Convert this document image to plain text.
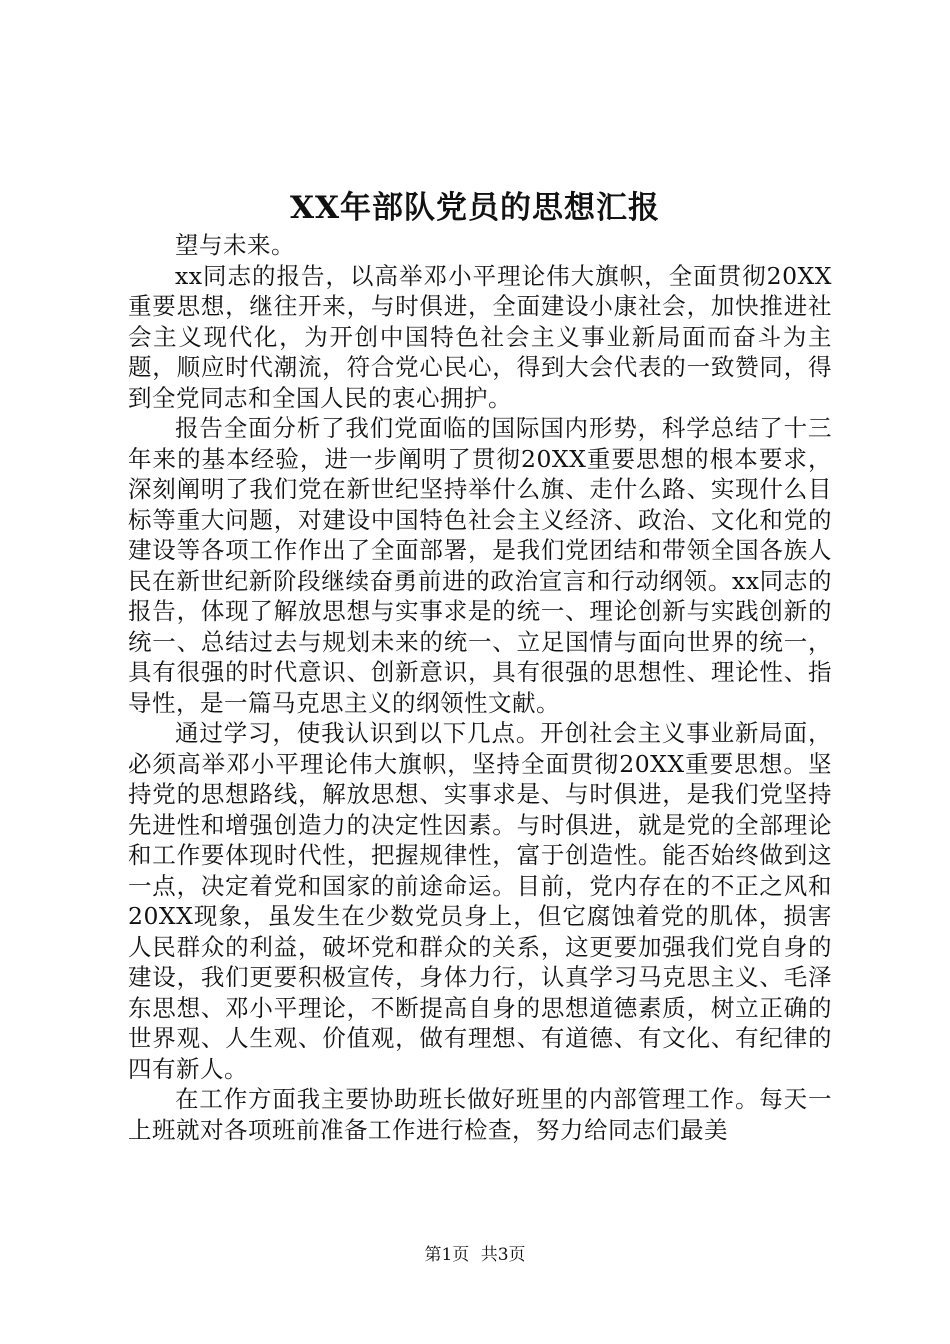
XX年部队党员的思想汇报

望与未来。

xx同志的报告，以高举邓小平理论伟大旗帜，全面贯彻20XX重要思想，继往开来，与时俱进，全面建设小康社会，加快推进社会主义现代化，为开创中国特色社会主义事业新局面而奋斗为主题，顺应时代潮流，符合党心民心，得到大会代表的一致赞同，得到全党同志和全国人民的衷心拥护。

报告全面分析了我们党面临的国际国内形势，科学总结了十三年来的基本经验，进一步阐明了贯彻20XX重要思想的根本要求，深刻阐明了我们党在新世纪坚持举什么旗、走什么路、实现什么目标等重大问题，对建设中国特色社会主义经济、政治、文化和党的建设等各项工作作出了全面部署，是我们党团结和带领全国各族人民在新世纪新阶段继续奋勇前进的政治宣言和行动纲领。xx同志的报告，体现了解放思想与实事求是的统一、理论创新与实践创新的统一、总结过去与规划未来的统一、立足国情与面向世界的统一，具有很强的时代意识、创新意识，具有很强的思想性、理论性、指导性，是一篇马克思主义的纲领性文献。

通过学习，使我认识到以下几点。开创社会主义事业新局面，必须高举邓小平理论伟大旗帜，坚持全面贯彻20XX重要思想。坚持党的思想路线，解放思想、实事求是、与时俱进，是我们党坚持先进性和增强创造力的决定性因素。与时俱进，就是党的全部理论和工作要体现时代性，把握规律性，富于创造性。能否始终做到这一点，决定着党和国家的前途命运。目前，党内存在的不正之风和20XX现象，虽发生在少数党员身上，但它腐蚀着党的肌体，损害人民群众的利益，破坏党和群众的关系，这更要加强我们党自身的建设，我们更要积极宣传，身体力行，认真学习马克思主义、毛泽东思想、邓小平理论，不断提高自身的思想道德素质，树立正确的世界观、人生观、价值观，做有理想、有道德、有文化、有纪律的四有新人。

在工作方面我主要协助班长做好班里的内部管理工作。每天一上班就对各项班前准备工作进行检查，努力给同志们最美

第1页 共3页
